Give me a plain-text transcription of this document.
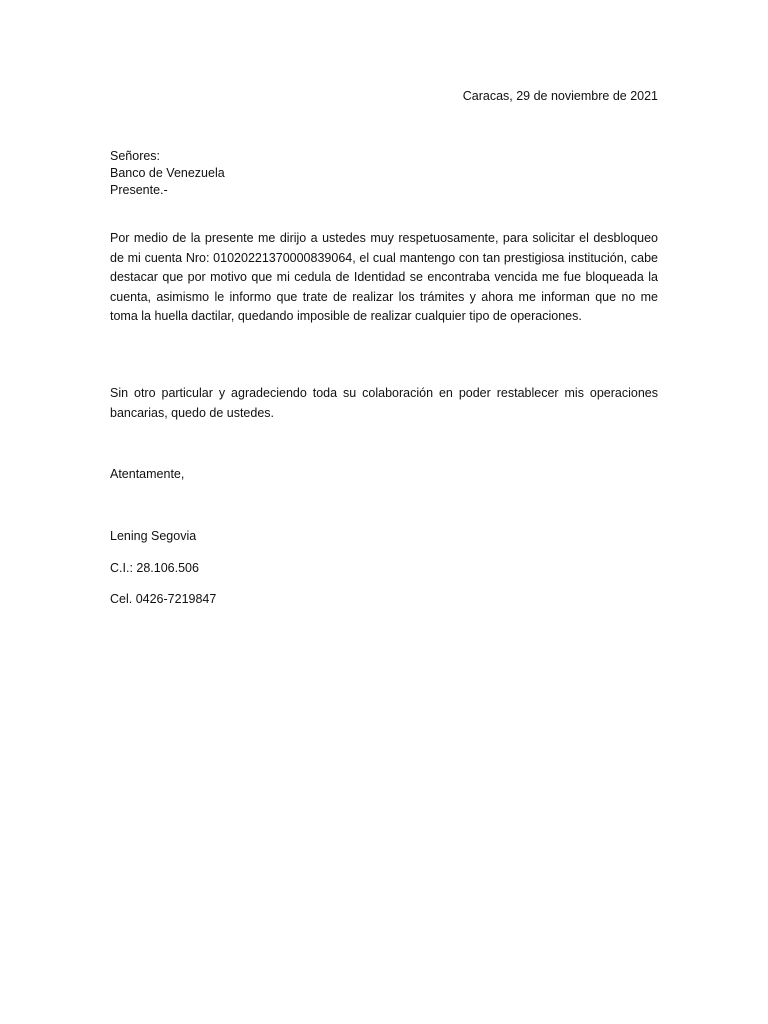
Caracas, 29 de noviembre de 2021
Señores:
Banco de Venezuela
Presente.-
Por medio de la presente me dirijo a ustedes muy respetuosamente, para solicitar el desbloqueo de mi cuenta Nro: 01020221370000839064, el cual mantengo con tan prestigiosa institución, cabe destacar que por motivo que mi cedula de Identidad se encontraba vencida me fue bloqueada la cuenta, asimismo le informo que trate de realizar los trámites y ahora me informan que no me toma la huella dactilar, quedando imposible de realizar cualquier tipo de operaciones.
Sin otro particular y agradeciendo toda su colaboración en poder restablecer mis operaciones bancarias, quedo de ustedes.
Atentamente,
Lening Segovia
C.I.: 28.106.506
Cel. 0426-7219847
